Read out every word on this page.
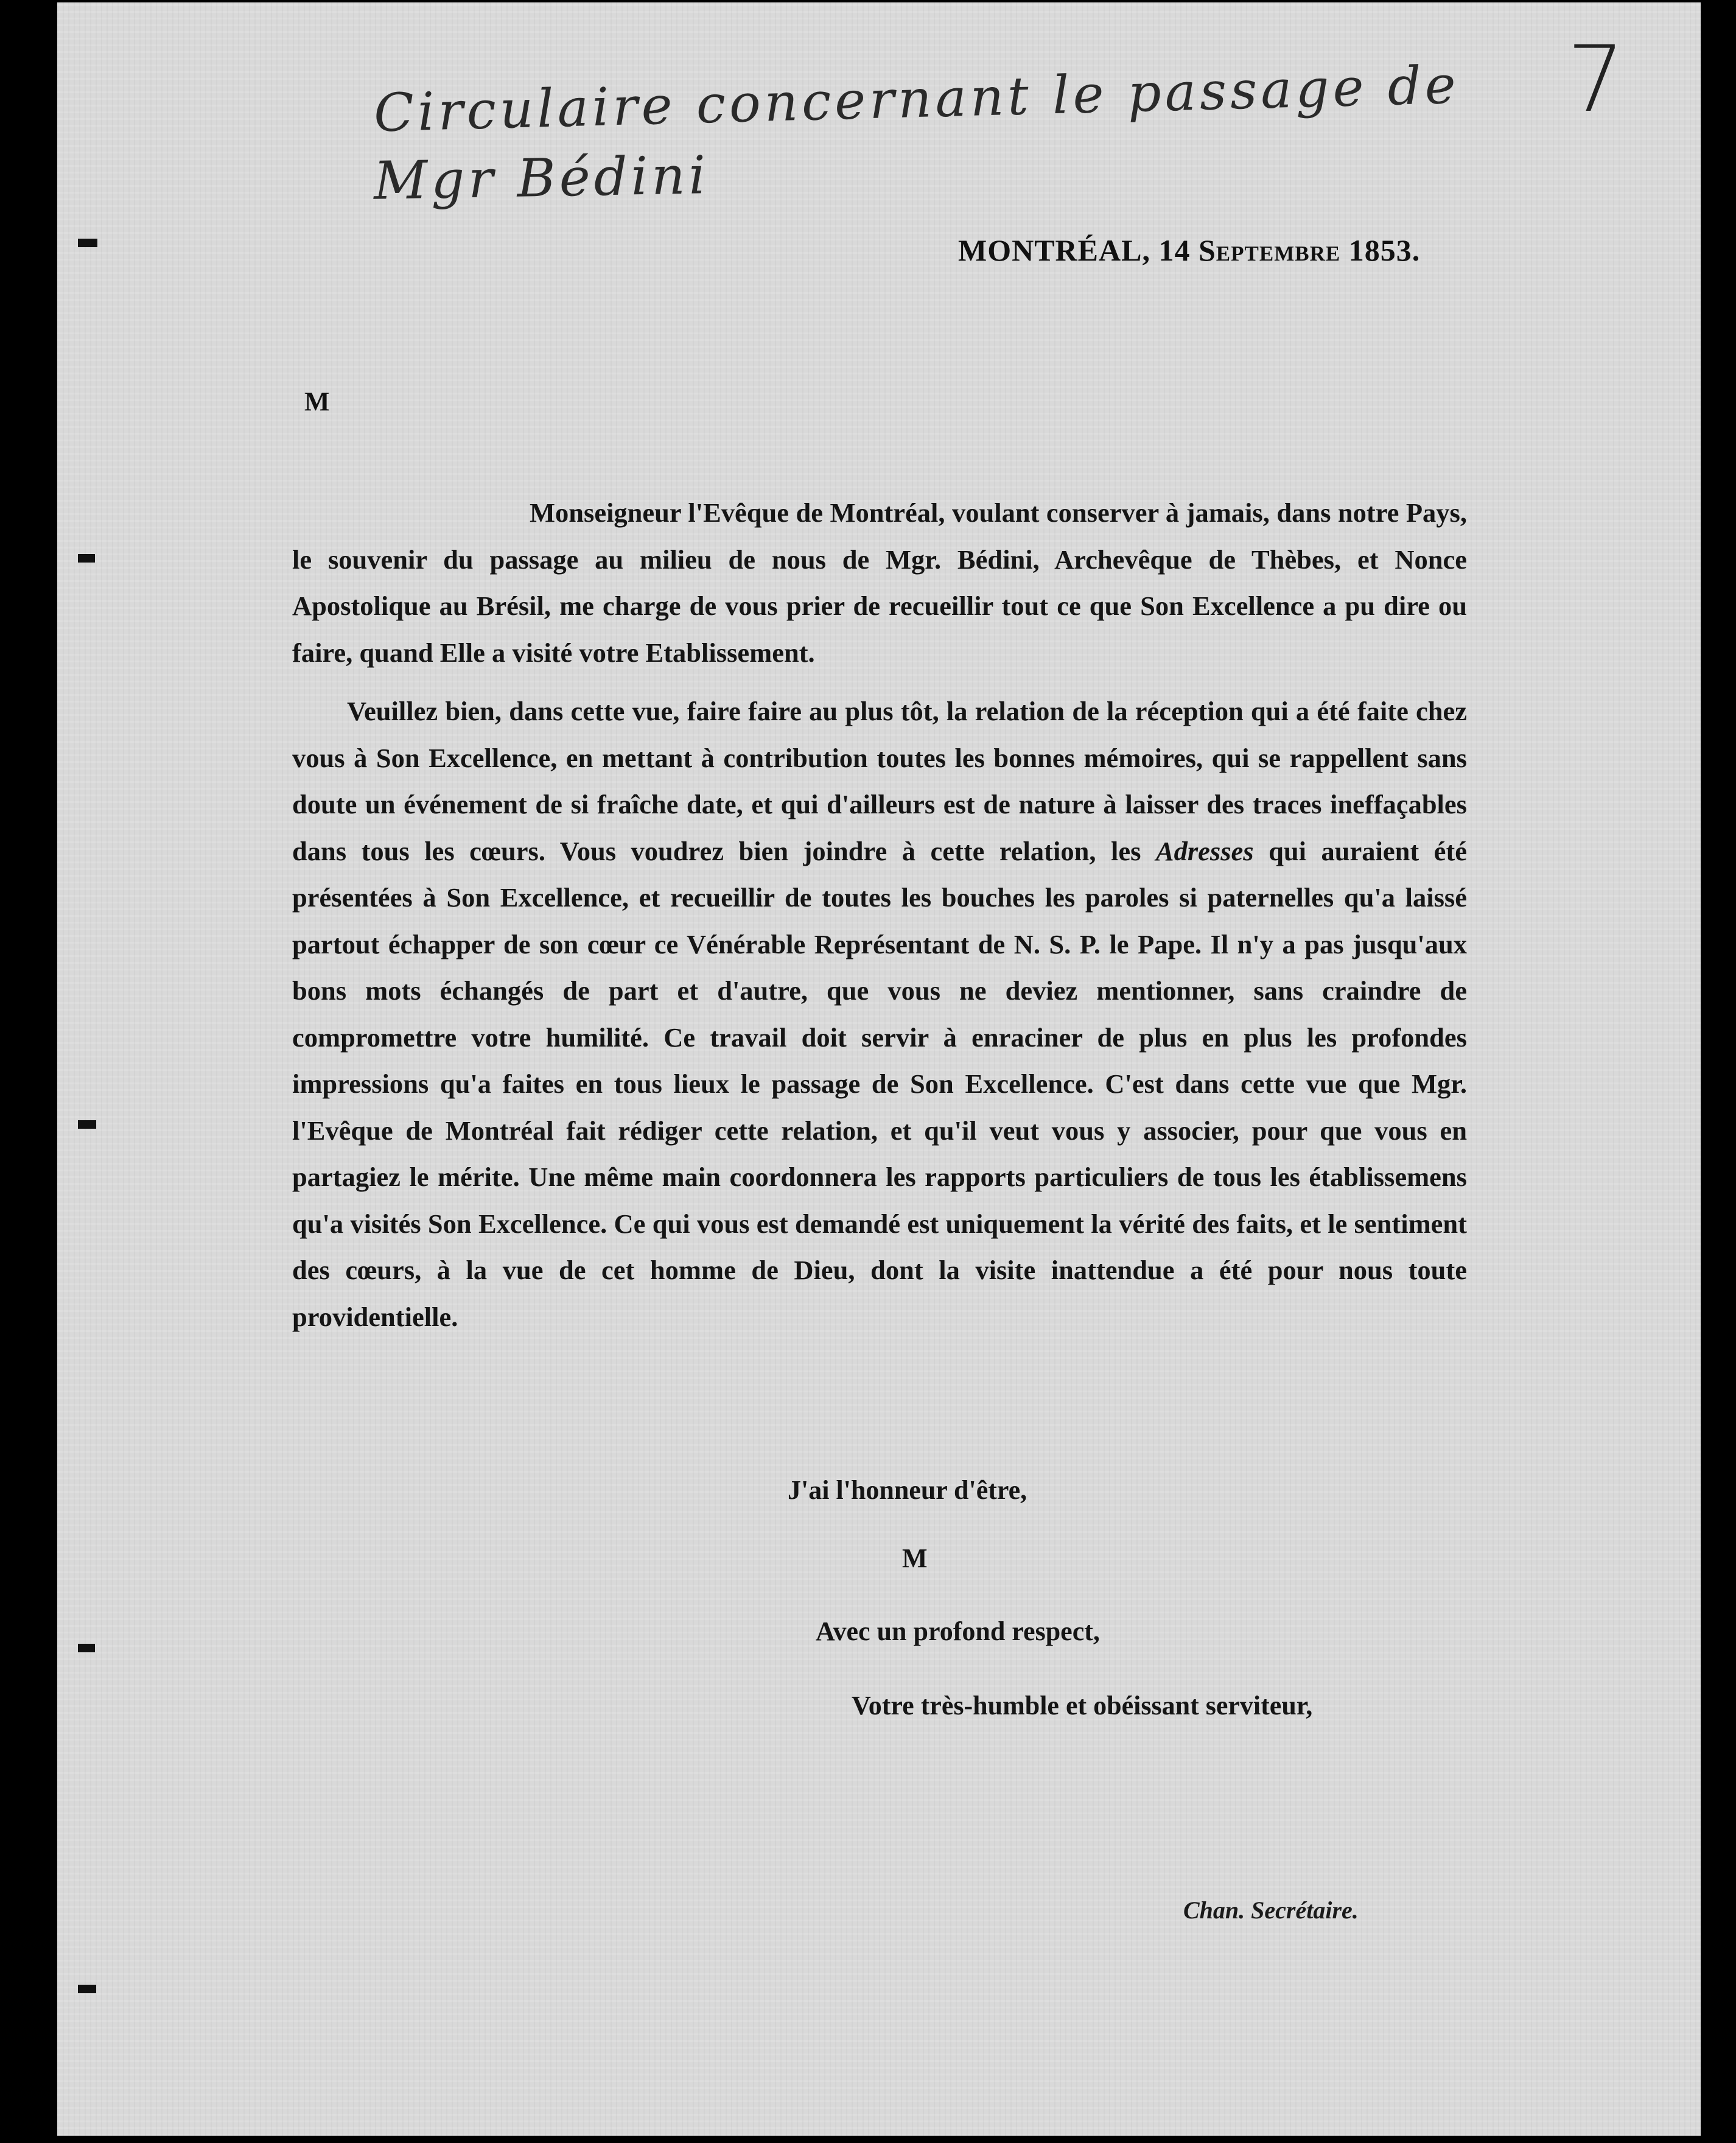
Circulaire concernant le passage de
Mgr Bédini
7
MONTRÉAL, 14 Septembre 1853.
M

Monseigneur l'Evêque de Montréal, voulant conserver à jamais, dans notre Pays, le souvenir du passage au milieu de nous de Mgr. Bédini, Archevêque de Thèbes, et Nonce Apostolique au Brésil, me charge de vous prier de recueillir tout ce que Son Excellence a pu dire ou faire, quand Elle a visité votre Etablissement.

Veuillez bien, dans cette vue, faire faire au plus tôt, la relation de la réception qui a été faite chez vous à Son Excellence, en mettant à contribution toutes les bonnes mémoires, qui se rappellent sans doute un événement de si fraîche date, et qui d'ailleurs est de nature à laisser des traces ineffaçables dans tous les cœurs. Vous voudrez bien joindre à cette relation, les Adresses qui auraient été présentées à Son Excellence, et recueillir de toutes les bouches les paroles si paternelles qu'a laissé partout échapper de son cœur ce Vénérable Représentant de N. S. P. le Pape. Il n'y a pas jusqu'aux bons mots échangés de part et d'autre, que vous ne deviez mentionner, sans craindre de compromettre votre humilité. Ce travail doit servir à enraciner de plus en plus les profondes impressions qu'a faites en tous lieux le passage de Son Excellence. C'est dans cette vue que Mgr. l'Evêque de Montréal fait rédiger cette relation, et qu'il veut vous y associer, pour que vous en partagiez le mérite. Une même main coordonnera les rapports particuliers de tous les établissemens qu'a visités Son Excellence. Ce qui vous est demandé est uniquement la vérité des faits, et le sentiment des cœurs, à la vue de cet homme de Dieu, dont la visite inattendue a été pour nous toute providentielle.

J'ai l'honneur d'être,
M
Avec un profond respect,
Votre très-humble et obéissant serviteur,
Chan. Secrétaire.
